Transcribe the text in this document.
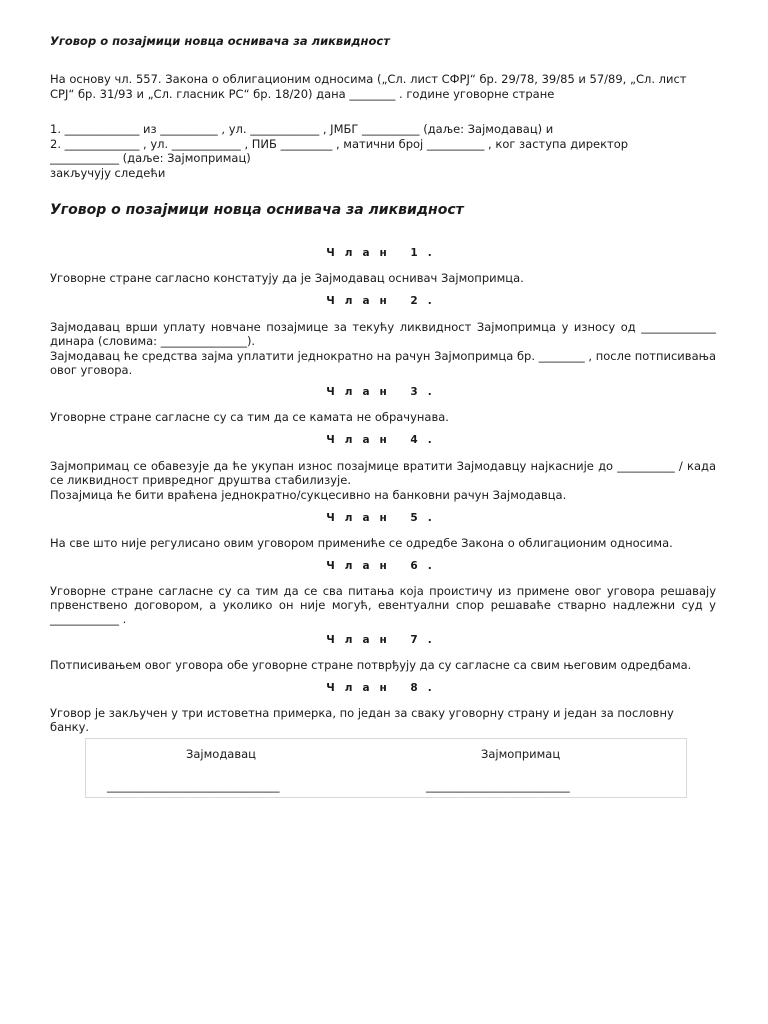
Уговор о позајмици новца оснивача за ликвидност

На основу чл. 557. Закона о облигационим односима („Сл. лист СФРЈ“ бр. 29/78, 39/85 и 57/89, „Сл. лист

СРЈ“ бр. 31/93 и „Сл. гласник РС“ бр. 18/20) дана ________ . године уговорне стране

1. _____________ из __________ , ул. ____________ , ЈМБГ __________ (даље: Зајмодавац) и

2. _____________ , ул. ____________ , ПИБ _________ , матични број __________ , ког заступа директор

____________ (даље: Зајмопримац)

закључују следећи

Уговор о позајмици новца оснивача за ликвидност

Члан 1.

Уговорне стране сагласно констатују да је Зајмодавац оснивач Зајмопримца.

Члан 2.

Зајмодавац врши уплату новчане позајмице за текућу ликвидност Зајмопримца у износу од _____________ динара (словима: _______________).

Зајмодавац ће средства зајма уплатити једнократно на рачун Зајмопримца бр. ________ , после потписивања овог уговора.

Члан 3.

Уговорне стране сагласне су са тим да се камата не обрачунава.

Члан 4.

Зајмопримац се обавезује да ће укупан износ позајмице вратити Зајмодавцу најкасније до __________ / када се ликвидност привредног друштва стабилизује.

Позајмица ће бити враћена једнократно/сукцесивно на банковни рачун Зајмодавца.

Члан 5.

На све што није регулисано овим уговором примениће се одредбе Закона о облигационим односима.

Члан 6.

Уговорне стране сагласне су са тим да се сва питања која проистичу из примене овог уговора решавају првенствено договором, а уколико он није могућ, евентуални спор решаваће стварно надлежни суд у ____________ .

Члан 7.

Потписивањем овог уговора обе уговорне стране потврђују да су сагласне са свим његовим одредбама.

Члан 8.

Уговор је закључен у три истоветна примерка, по један за сваку уговорну страну и један за пословну банку.

Зајмодавац	Зајмопримац
______________________________	_________________________
